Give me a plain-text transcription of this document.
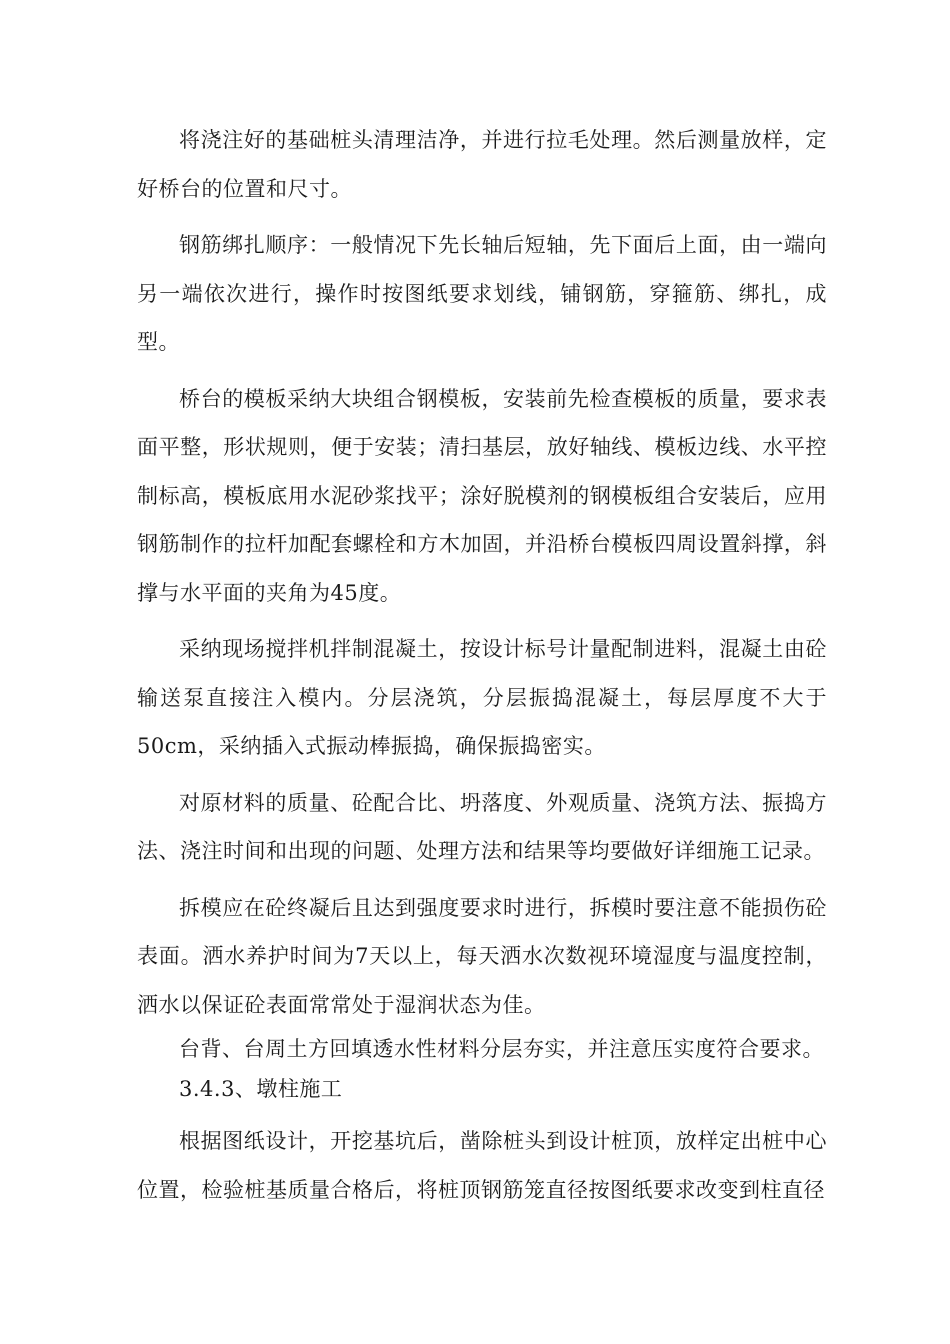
将浇注好的基础桩头清理洁净，并进行拉毛处理。然后测量放样，定好桥台的位置和尺寸。

钢筋绑扎顺序：一般情况下先长轴后短轴，先下面后上面，由一端向另一端依次进行，操作时按图纸要求划线，铺钢筋，穿箍筋、绑扎，成型。

桥台的模板采纳大块组合钢模板，安装前先检查模板的质量，要求表面平整，形状规则，便于安装；清扫基层，放好轴线、模板边线、水平控制标高，模板底用水泥砂浆找平；涂好脱模剂的钢模板组合安装后，应用钢筋制作的拉杆加配套螺栓和方木加固，并沿桥台模板四周设置斜撑，斜撑与水平面的夹角为45度。

采纳现场搅拌机拌制混凝土，按设计标号计量配制进料，混凝土由砼输送泵直接注入模内。分层浇筑，分层振捣混凝土，每层厚度不大于50cm，采纳插入式振动棒振捣，确保振捣密实。

对原材料的质量、砼配合比、坍落度、外观质量、浇筑方法、振捣方法、浇注时间和出现的问题、处理方法和结果等均要做好详细施工记录。

拆模应在砼终凝后且达到强度要求时进行，拆模时要注意不能损伤砼表面。洒水养护时间为7天以上，每天洒水次数视环境湿度与温度控制，洒水以保证砼表面常常处于湿润状态为佳。

台背、台周土方回填透水性材料分层夯实，并注意压实度符合要求。

3.4.3、墩柱施工

根据图纸设计，开挖基坑后，凿除桩头到设计桩顶，放样定出桩中心位置，检验桩基质量合格后，将桩顶钢筋笼直径按图纸要求改变到柱直径
